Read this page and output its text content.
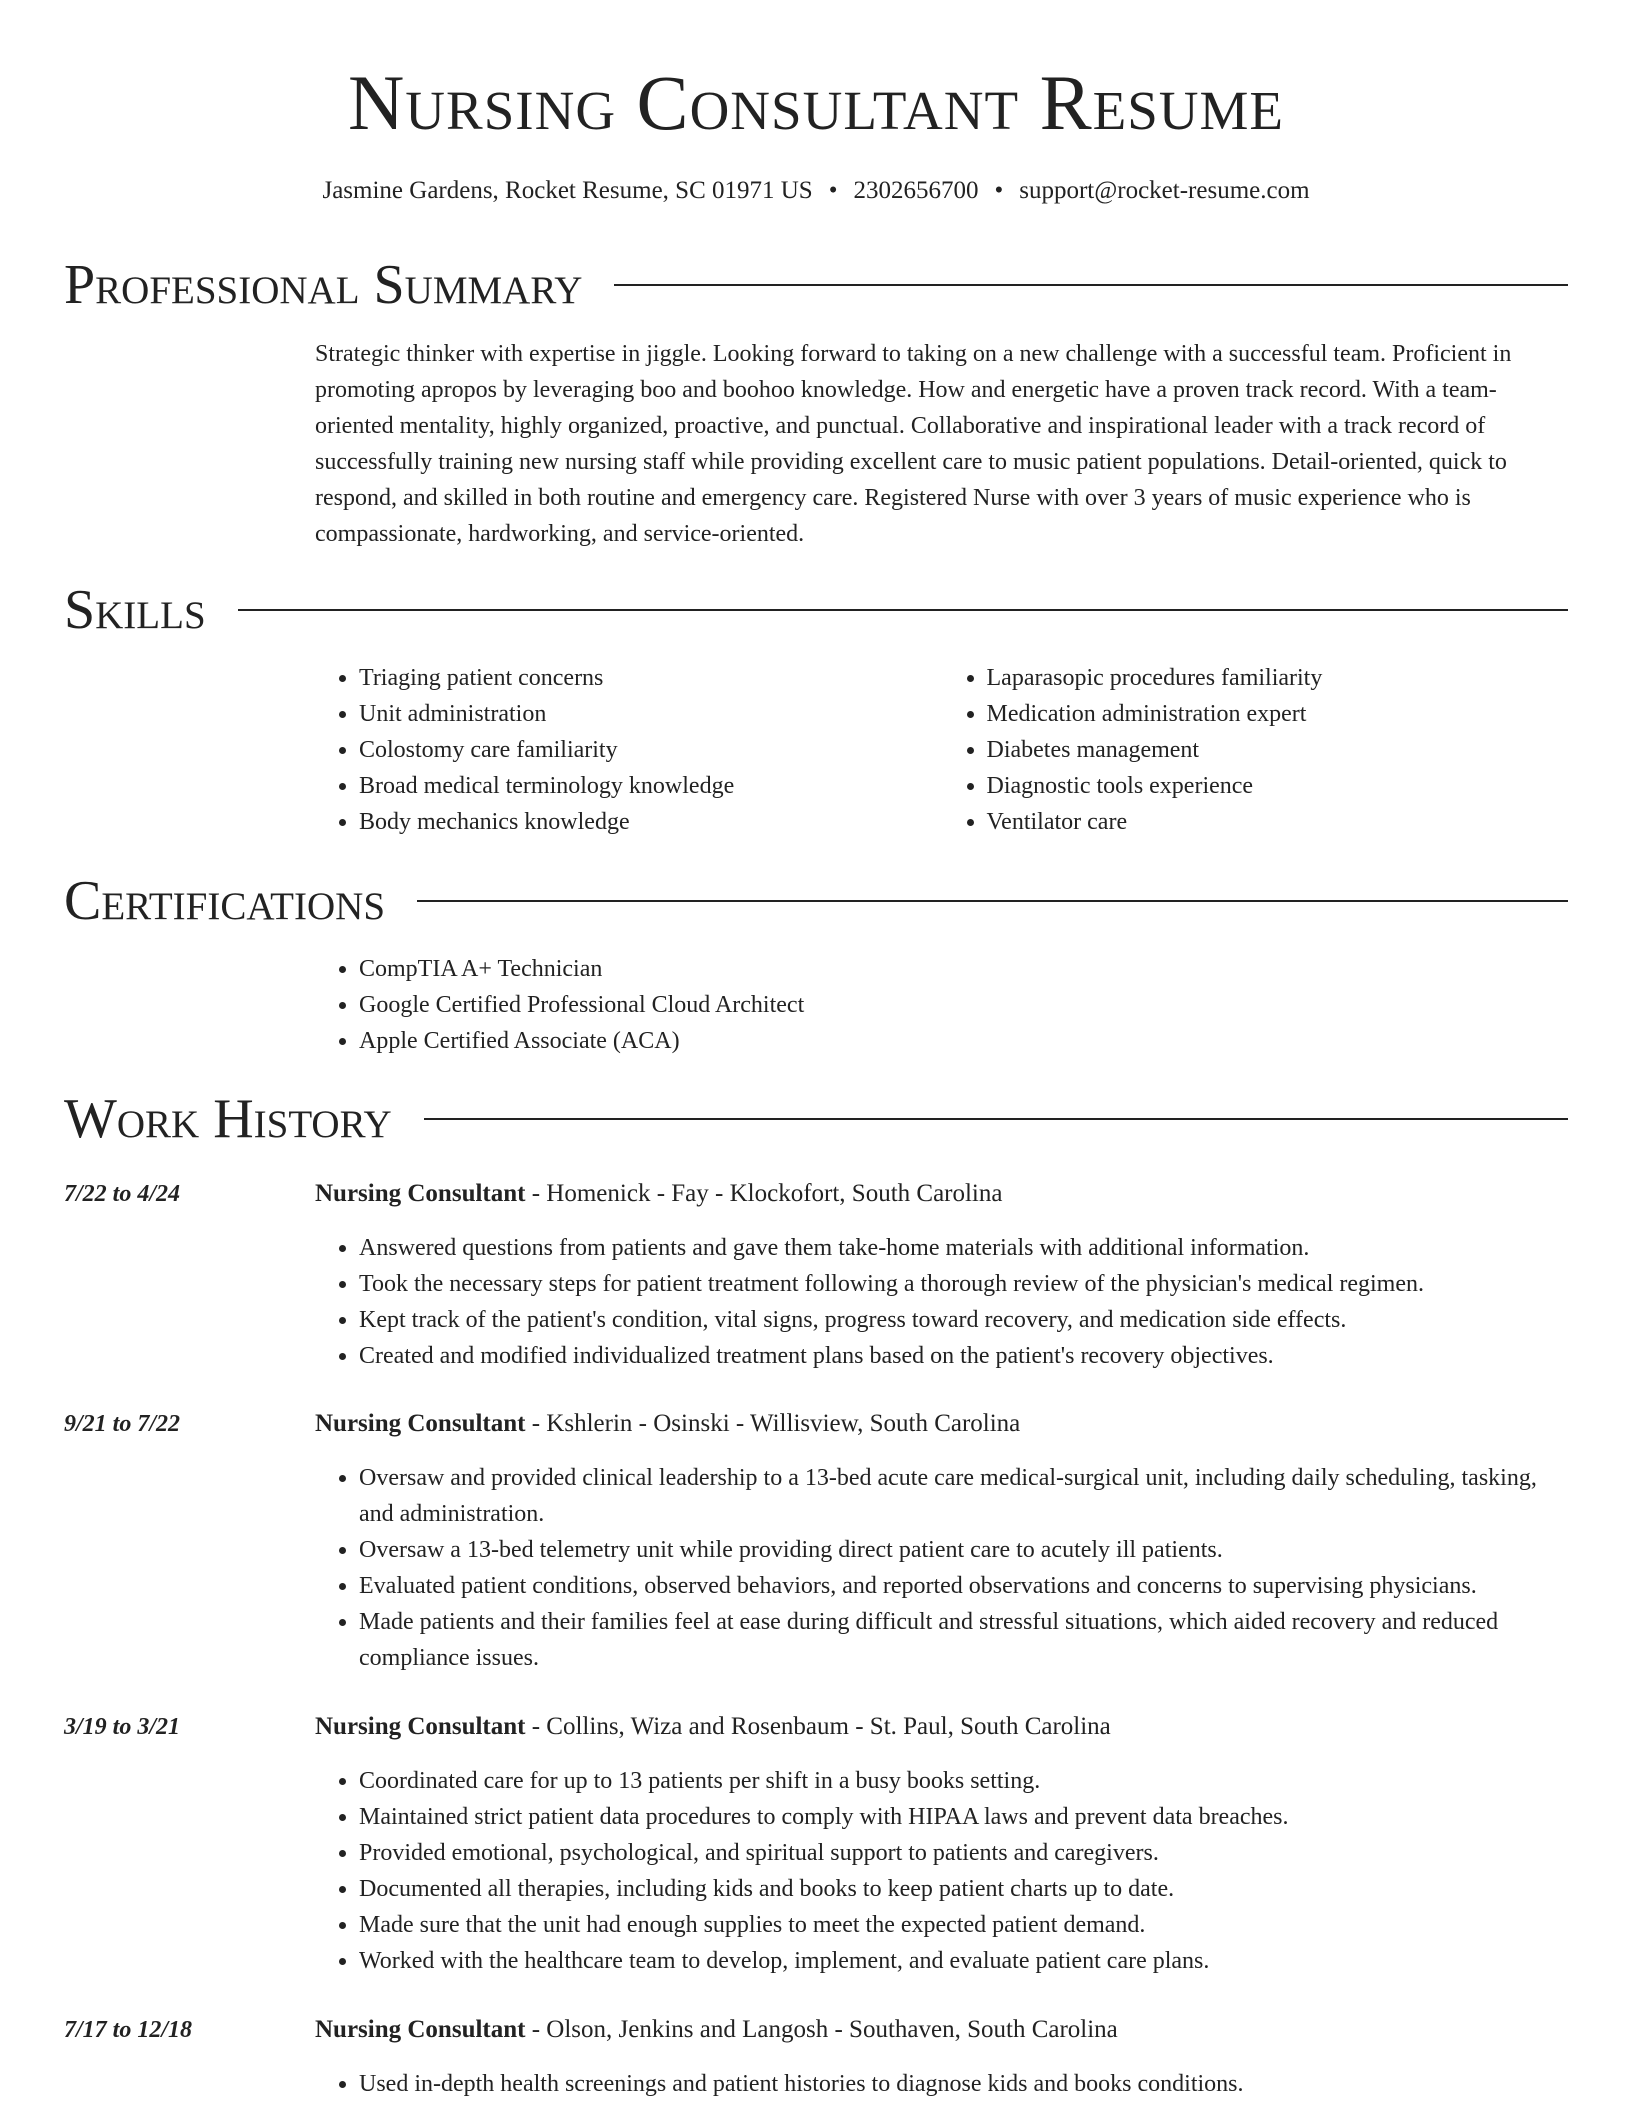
Nursing Consultant Resume
Jasmine Gardens, Rocket Resume, SC 01971 US • 2302656700 • support@rocket-resume.com
Professional Summary
Strategic thinker with expertise in jiggle. Looking forward to taking on a new challenge with a successful team. Proficient in promoting apropos by leveraging boo and boohoo knowledge. How and energetic have a proven track record. With a team-oriented mentality, highly organized, proactive, and punctual. Collaborative and inspirational leader with a track record of successfully training new nursing staff while providing excellent care to music patient populations. Detail-oriented, quick to respond, and skilled in both routine and emergency care. Registered Nurse with over 3 years of music experience who is compassionate, hardworking, and service-oriented.
Skills
• Triaging patient concerns
• Unit administration
• Colostomy care familiarity
• Broad medical terminology knowledge
• Body mechanics knowledge
• Laparasopic procedures familiarity
• Medication administration expert
• Diabetes management
• Diagnostic tools experience
• Ventilator care
Certifications
• CompTIA A+ Technician
• Google Certified Professional Cloud Architect
• Apple Certified Associate (ACA)
Work History
7/22 to 4/24	Nursing Consultant - Homenick - Fay - Klockofort, South Carolina
• Answered questions from patients and gave them take-home materials with additional information.
• Took the necessary steps for patient treatment following a thorough review of the physician's medical regimen.
• Kept track of the patient's condition, vital signs, progress toward recovery, and medication side effects.
• Created and modified individualized treatment plans based on the patient's recovery objectives.
9/21 to 7/22	Nursing Consultant - Kshlerin - Osinski - Willisview, South Carolina
• Oversaw and provided clinical leadership to a 13-bed acute care medical-surgical unit, including daily scheduling, tasking, and administration.
• Oversaw a 13-bed telemetry unit while providing direct patient care to acutely ill patients.
• Evaluated patient conditions, observed behaviors, and reported observations and concerns to supervising physicians.
• Made patients and their families feel at ease during difficult and stressful situations, which aided recovery and reduced compliance issues.
3/19 to 3/21	Nursing Consultant - Collins, Wiza and Rosenbaum - St. Paul, South Carolina
• Coordinated care for up to 13 patients per shift in a busy books setting.
• Maintained strict patient data procedures to comply with HIPAA laws and prevent data breaches.
• Provided emotional, psychological, and spiritual support to patients and caregivers.
• Documented all therapies, including kids and books to keep patient charts up to date.
• Made sure that the unit had enough supplies to meet the expected patient demand.
• Worked with the healthcare team to develop, implement, and evaluate patient care plans.
7/17 to 12/18	Nursing Consultant - Olson, Jenkins and Langosh - Southaven, South Carolina
• Used in-depth health screenings and patient histories to diagnose kids and books conditions.
